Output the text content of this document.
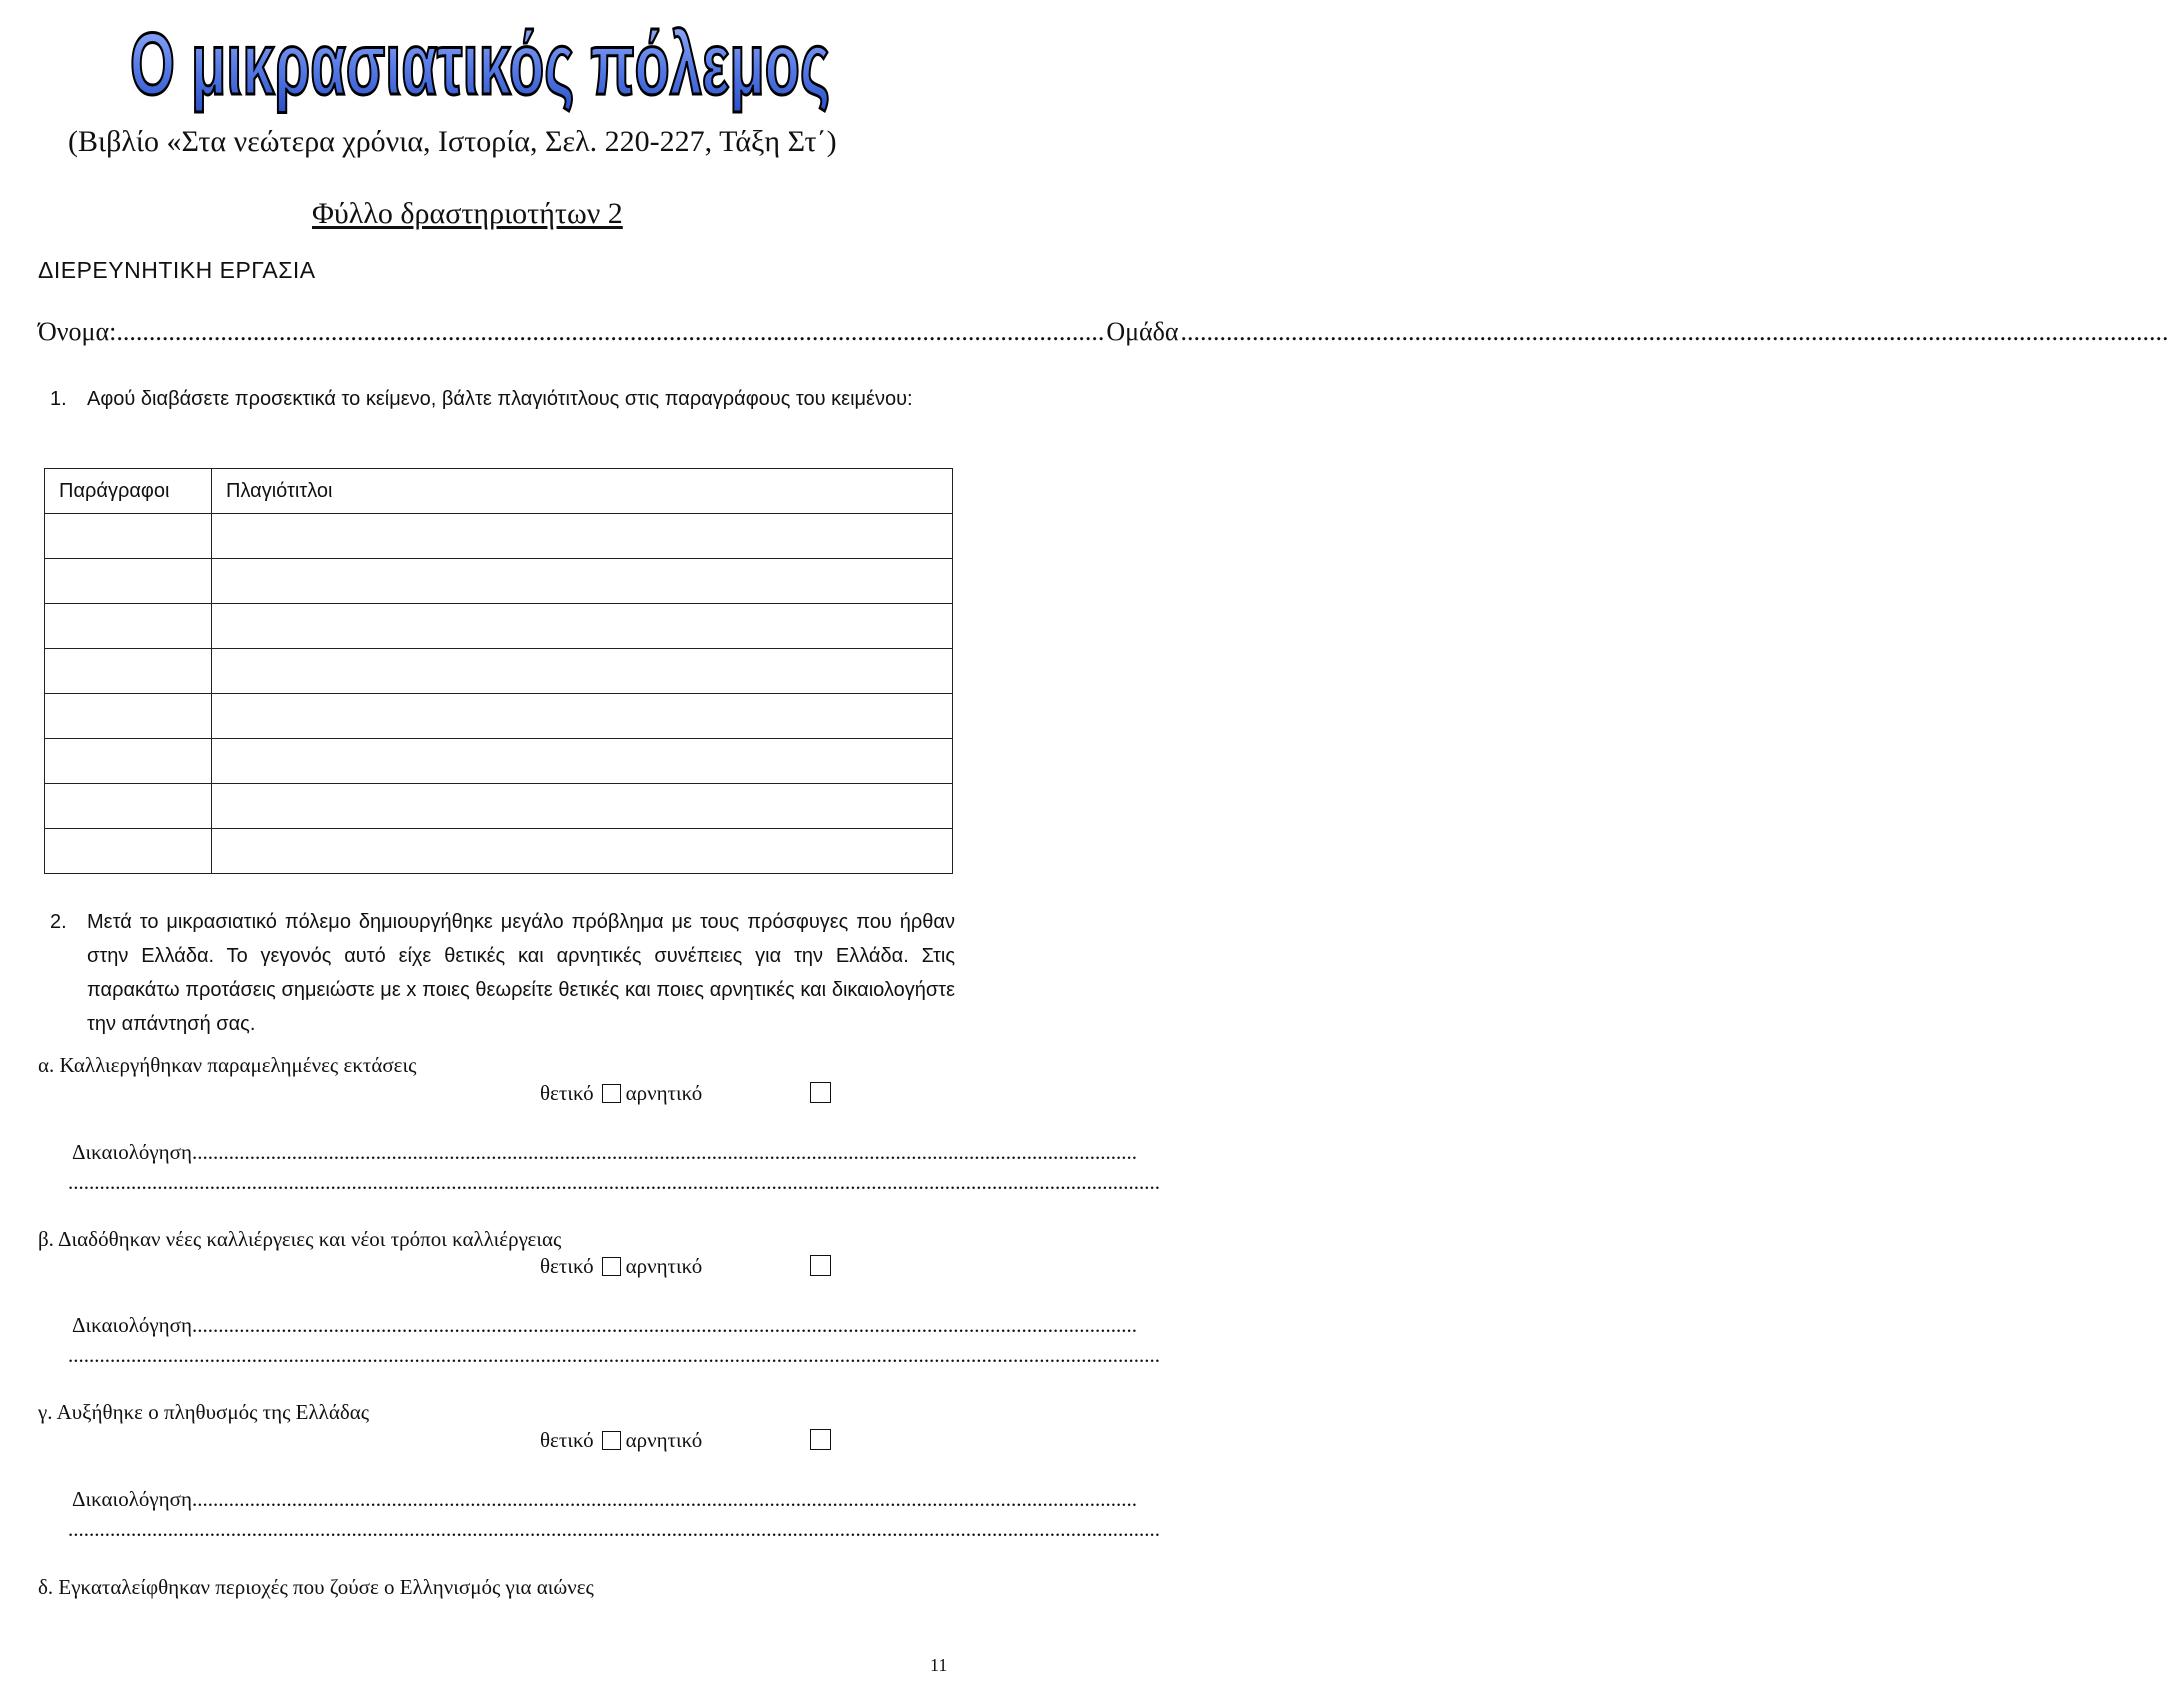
Ο μικρασιατικός πόλεμος
(Βιβλίο «Στα νεώτερα χρόνια, Ιστορία, Σελ. 220-227, Τάξη Στ΄)
Φύλλο δραστηριοτήτων 2
ΔΙΕΡΕΥΝΗΤΙΚΗ ΕΡΓΑΣΙΑ
Όνομα: .....	Ομάδα
.....
1.	Αφού διαβάσετε προσεκτικά το κείμενο, βάλτε πλαγιότιτλους στις παραγράφους του κειμένου:
Παράγραφοι	Πλαγιότιτλοι

2.	Μετά το μικρασιατικό πόλεμο δημιουργήθηκε μεγάλο πρόβλημα με τους πρόσφυγες που ήρθαν στην Ελλάδα. Το γεγονός αυτό είχε θετικές και αρνητικές συνέπειες για την Ελλάδα. Στις παρακάτω προτάσεις σημειώστε με x ποιες θεωρείτε θετικές και ποιες αρνητικές και δικαιολογήστε την απάντησή σας.
α. Καλλιεργήθηκαν παραμελημένες εκτάσεις
θετικό αρνητικό
Δικαιολόγηση
.....
.....
β. Διαδόθηκαν νέες καλλιέργειες και νέοι τρόποι καλλιέργειας
θετικό αρνητικό
Δικαιολόγηση
.....
.....
γ. Αυξήθηκε ο πληθυσμός της Ελλάδας
θετικό αρνητικό
Δικαιολόγηση
.....
.....
δ. Εγκαταλείφθηκαν περιοχές που ζούσε ο Ελληνισμός για αιώνες
11
